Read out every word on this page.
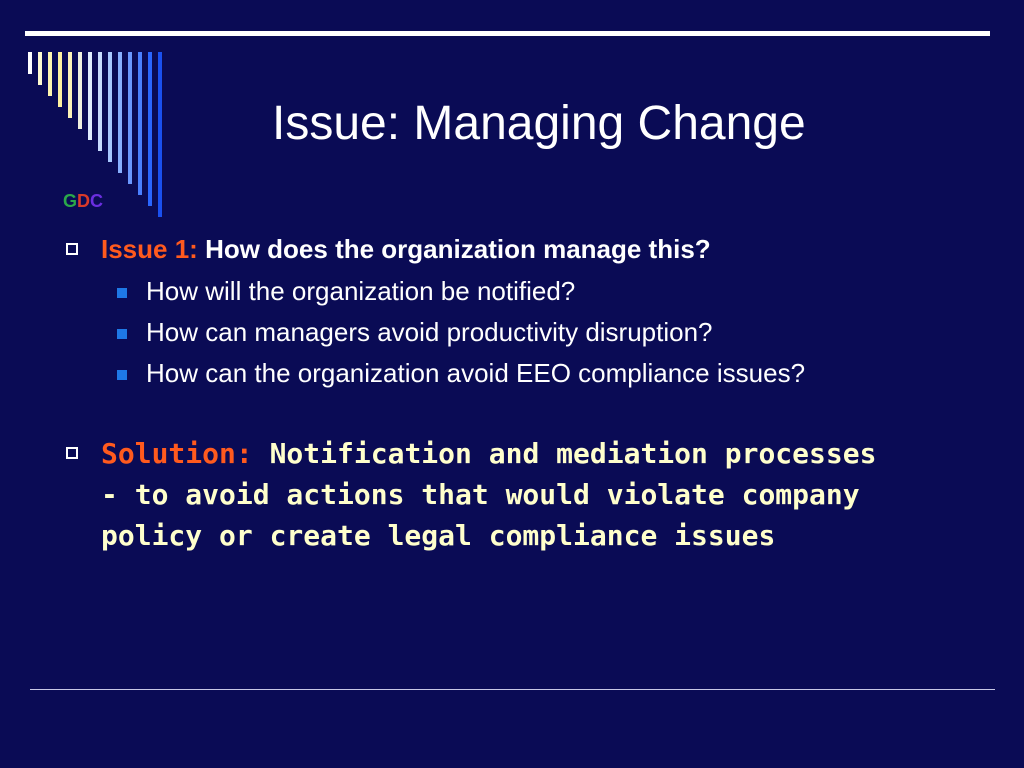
Issue: Managing Change
GDC
Issue 1: How does the organization manage this?
How will the organization be notified?
How can managers avoid productivity disruption?
How can the organization avoid EEO compliance issues?
Solution: Notification and mediation processes - to avoid actions that would violate company policy or create legal compliance issues
